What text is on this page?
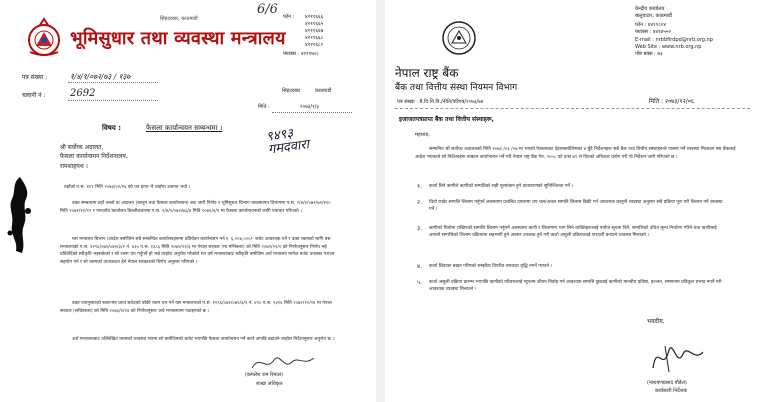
भूमिसुधार तथा व्यवस्था मन्त्रालय
सिंहदरबार, काठमाडौं	फोन : ४२११६६६
४२११६६५
४२११६६७
४२११६६८
४२११६८०
फ्याक्स : ४२११७०८
6/6
पत्र संख्या :	१/४/१/०७२/७३ / १३७
चलानी नं : 2692	सिंहदरबार	काठमाडौं
मिति :	२०७३/१/३
९४९३
गमदवारा
विषय :	फैसला कार्यान्वयन सम्बन्धमा ।
श्री सर्वोच्च अदालत,
फैसला कार्यान्वयन निर्देशनालय,
रामशाहपथ ।
तहाँको प.स. ४१९ मिति २०७३/०१/१६ को पत्र प्राप्त भै व्यहोरा अवगत भयो ।
उक्त सम्बन्धमा तहाँ तल्लो वा अदालत (कानुन तथा फैसला कार्यान्वयन) बाट जारी निर्णय र भूमिसुधार विभाग व्यवस्थापन विभागमा प.स. १/४/१/०७१/७२/११० मिति २०७१/११/१२ र नापजाँच कार्यालय डिल्लीबजारमा प.स. १/४/१/०७२/७३/४ मिति २०७२/४/१ मा फैसला कार्यान्वयनको लागि पत्राचार गरिएको ।
यस मन्त्रालय बिभाग /आदेश बमोजिम सबै सम्बन्धित कार्यालयहरूमा प्रतिवेदन कार्यान्वयन गर्न र. ६,२०४,०००/- बजेट आवश्यक पर्ने र उक्त रकमको लागि यस मन्त्रालयको प.सं. ११९६/०७१/०७२/३/१ नं. ४३० प.स. २३८६ मिति २०७२/१२/३ मा नेपाल सरकार (मा.मन्त्रिस्तर) को मिति २०७२/१२/१ को निर्णयानुसार निर्णय भई प्रतिवेदिको स्वीकृति भइसकेको र सो रकम थप गर्नुपर्ने हो भन्ने व्यहोरा अनुरोध गरेकोले गत वर्ष मन्त्रालयबाट स्वीकृति बमोजिम अर्थ मन्त्रालय मार्फत बजेट उपलब्ध गराउन सहयोग गर्न र सो रकमको उपलब्धता हेर्न नेपाल सरकारको निर्णय अनुसार गरिएको ।
उक्त पत्रानुसारको स्वरूपमा प्राप्त बजेटको बाँकी रकम थप गर्ने यस मन्त्रालयको प.सं. ११९६/०७१/०७२/३/१ नं. ४९० प.स. २३१६ मिति २०७२/१२/२४ मा नेपाल सरकार (सचिवस्तर) को मिति २०७३/१/२४ को निर्णयानुसार अर्थ मन्त्रालयमा पठाइएको छ ।
अर्थ मन्त्रालयबाट उल्लिखित रकमको व्यवस्था भएमा सो बमोजिमको बजेट भएपछि फैसला कार्यान्वयन गर्ने कार्य अगाडि बढाउने व्यहोरा निर्देशानुसार अनुरोध छ ।
(कमलेश राम रिमाल)
शाखा अधिकृत
केन्द्रीय कार्यालय
बालुवाटार, काठमाडौं
फोन : ४४१९८०४
फ्याक्स : ४४१४५५२
E-mail : nrbbfirdpd@nrb.org.np
Web Site : www.nrb.org.np
पोष्ट बक्स : ७३
नेपाल राष्ट्र बैंक
बैंक तथा वित्तीय संस्था नियमन विभाग
पत्र संख्या : बै.वि.नि.वि./नीति/परिपत्र/२०७३/७४	मिति : २०७३/१२/०६
इजाजतपत्रप्राप्त बैंक तथा वित्तीय संस्थाहरू,
महाशय,
सम्मानित श्री सर्वोच्च अदालतको मिति २०७३ /०३ /०७ मा भएको फैसलाबाट देहायबमोजिमका ४ बुँदे निर्देशनहरू सबै बैंक तथा वित्तीय संस्थाहरूले पालना गर्ने व्यवस्था मिलाउन यस बैंकलाई आदेश भएकाले सो निर्देशनहरू तत्काल कार्यान्वयन गर्ने गरी नेपाल राष्ट्र बैंक ऐन, २०५८ को दफा ७९ ले दिएको अधिकार प्रयोग गरी यो निर्देशन जारी गरिएको छ ।
१. कर्जा लिने ऋणीले ऋणीको सम्पतिको सही मूल्यांकन हुने वातावरणको सुनिश्चितता गर्ने ।
२. धितो राखेर सम्पत्ति लिलाम गर्नुपर्ने अवस्थामा प्रचलित दायरामा थप चल/अचल सम्पति लिलाम बिक्री गर्न आवश्यक कानुनी व्यवस्था अनुसार सबै प्रक्रिया पूरा गरी लिलाम गर्ने व्यवस्था गर्ने ।
३. ऋणीको धितोमा राखिएको सम्पत्ति लिलाम गर्नुपर्ने अवस्थामा ऋणी र लिलाममा भाग लिने व्यक्तिहरूलाई पर्याप्त सूचना दिने, सम्पत्तिको उचित मूल्य निर्धारण गरिने तथा ऋणीलाई आफ्नो सम्पत्तिको लिलाम प्रक्रियामा सहभागी हुने अवसर उपलब्ध हुने गरी कर्जा असुली प्रक्रियालाई पारदर्शी बनाउने व्यवस्था मिलाउने ।
४. कर्जा लिंदाका बखत गरिएको सम्झौता विपरीत ब्याजदर वृद्धि नगर्ने गराउने ।
५. कर्जा असुली प्रक्रिया प्रारम्भ भएपछि ऋणीको परिवारलाई न्यूनतम जीवन निर्वाह गर्न आवश्यक सम्पत्ति छुट्याई ऋणीको मानवीय प्रतिष्ठा, इज्जत, सम्मानमा प्रतिकूल प्रभाव नपर्ने गरी आवश्यक व्यवस्था मिलाउने ।
भवदीय,
(नारायणप्रसाद पौडेल)
कार्यकारी निर्देशक
